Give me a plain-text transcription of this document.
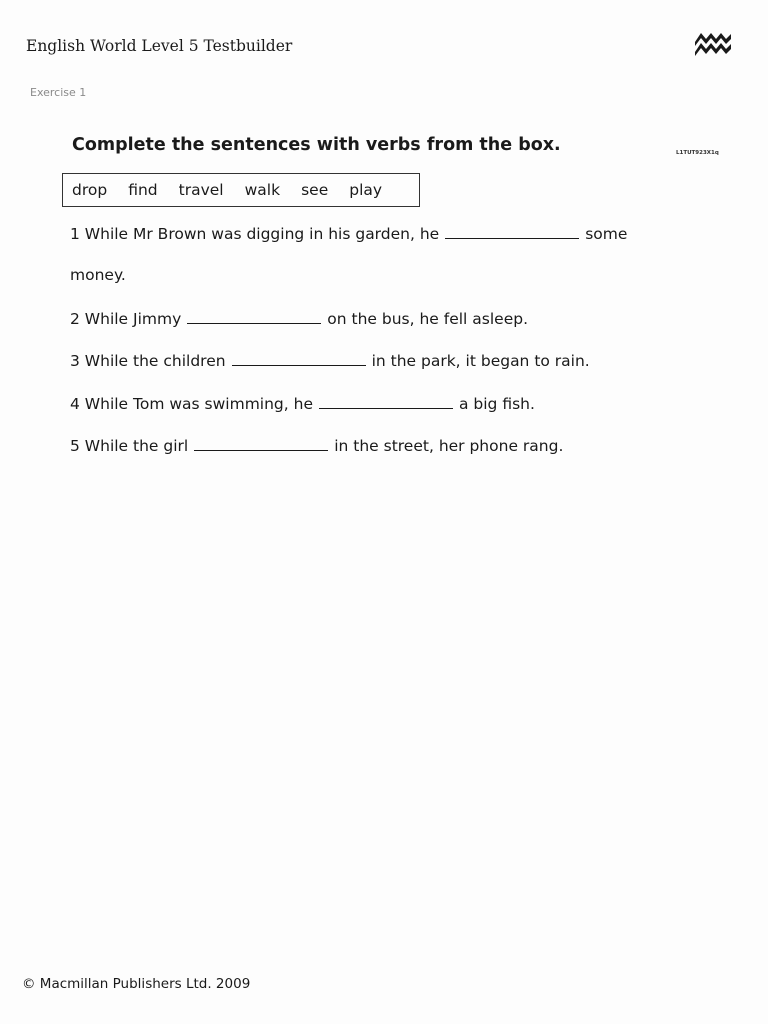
English World Level 5 Testbuilder
Exercise 1
Complete the sentences with verbs from the box.	L1TUT923X1q
drop find travel walk see play
1 While Mr Brown was digging in his garden, he	some
money.
2 While Jimmy	on the bus, he fell asleep.
3 While the children	in the park, it began to rain.
4 While Tom was swimming, he	a big fish.
5 While the girl	in the street, her phone rang.
© Macmillan Publishers Ltd. 2009
